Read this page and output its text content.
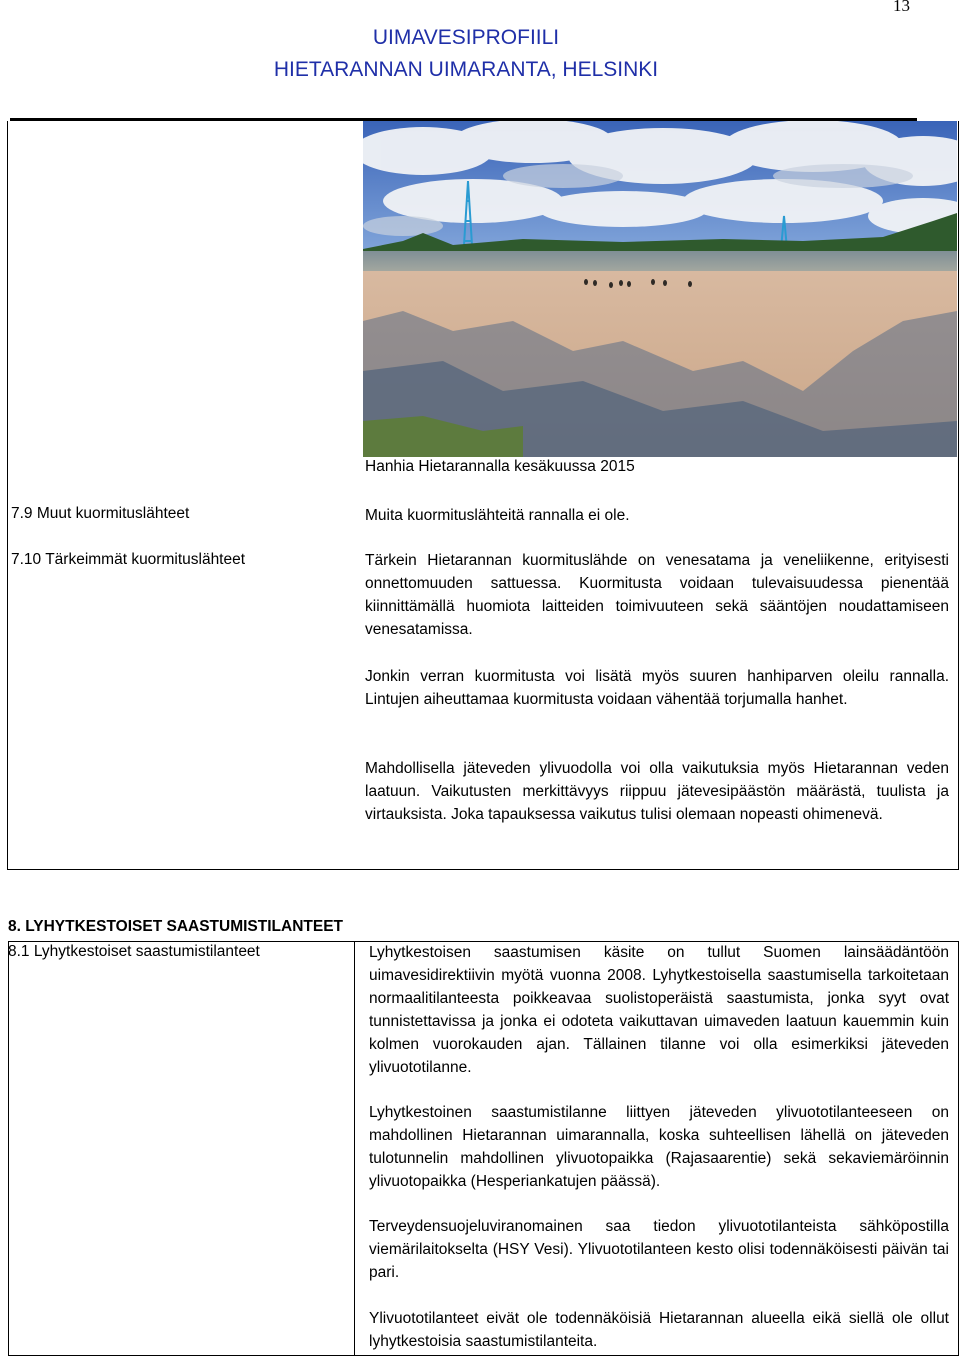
13
UIMAVESIPROFIILI
HIETARANNAN UIMARANTA, HELSINKI
Hanhia Hietarannalla kesäkuussa 2015
7.9 Muut kuormituslähteet	Muita kuormituslähteitä rannalla ei ole.
7.10 Tärkeimmät kuormituslähteet	Tärkein Hietarannan kuormituslähde on venesatama ja veneliikenne, erityisesti onnettomuuden sattuessa. Kuormitusta voidaan tulevaisuudessa pienentää kiinnittämällä huomiota laitteiden toimivuuteen sekä sääntöjen noudattamiseen venesatamissa.
Jonkin verran kuormitusta voi lisätä myös suuren hanhiparven oleilu rannalla. Lintujen aiheuttamaa kuormitusta voidaan vähentää torjumalla hanhet.
Mahdollisella jäteveden ylivuodolla voi olla vaikutuksia myös Hietarannan veden laatuun. Vaikutusten merkittävyys riippuu jätevesipäästön määrästä, tuulista ja virtauksista. Joka tapauksessa vaikutus tulisi olemaan nopeasti ohimenevä.
8. LYHYTKESTOISET SAASTUMISTILANTEET
8.1 Lyhytkestoiset saastumistilanteet	Lyhytkestoisen saastumisen käsite on tullut Suomen lainsäädäntöön uimavesidirektiivin myötä vuonna 2008. Lyhytkestoisella saastumisella tarkoitetaan normaalitilanteesta poikkeavaa suolistoperäistä saastumista, jonka syyt ovat tunnistettavissa ja jonka ei odoteta vaikuttavan uimaveden laatuun kauemmin kuin kolmen vuorokauden ajan. Tällainen tilanne voi olla esimerkiksi jäteveden ylivuototilanne.
Lyhytkestoinen saastumistilanne liittyen jäteveden ylivuototilanteeseen on mahdollinen Hietarannan uimarannalla, koska suhteellisen lähellä on jäteveden tulotunnelin mahdollinen ylivuotopaikka (Rajasaarentie) sekä sekaviemäröinnin ylivuotopaikka (Hesperiankatujen päässä).
Terveydensuojeluviranomainen saa tiedon ylivuototilanteista sähköpostilla viemärilaitokselta (HSY Vesi). Ylivuototilanteen kesto olisi todennäköisesti päivän tai pari.
Ylivuototilanteet eivät ole todennäköisiä Hietarannan alueella eikä siellä ole ollut lyhytkestoisia saastumistilanteita.
